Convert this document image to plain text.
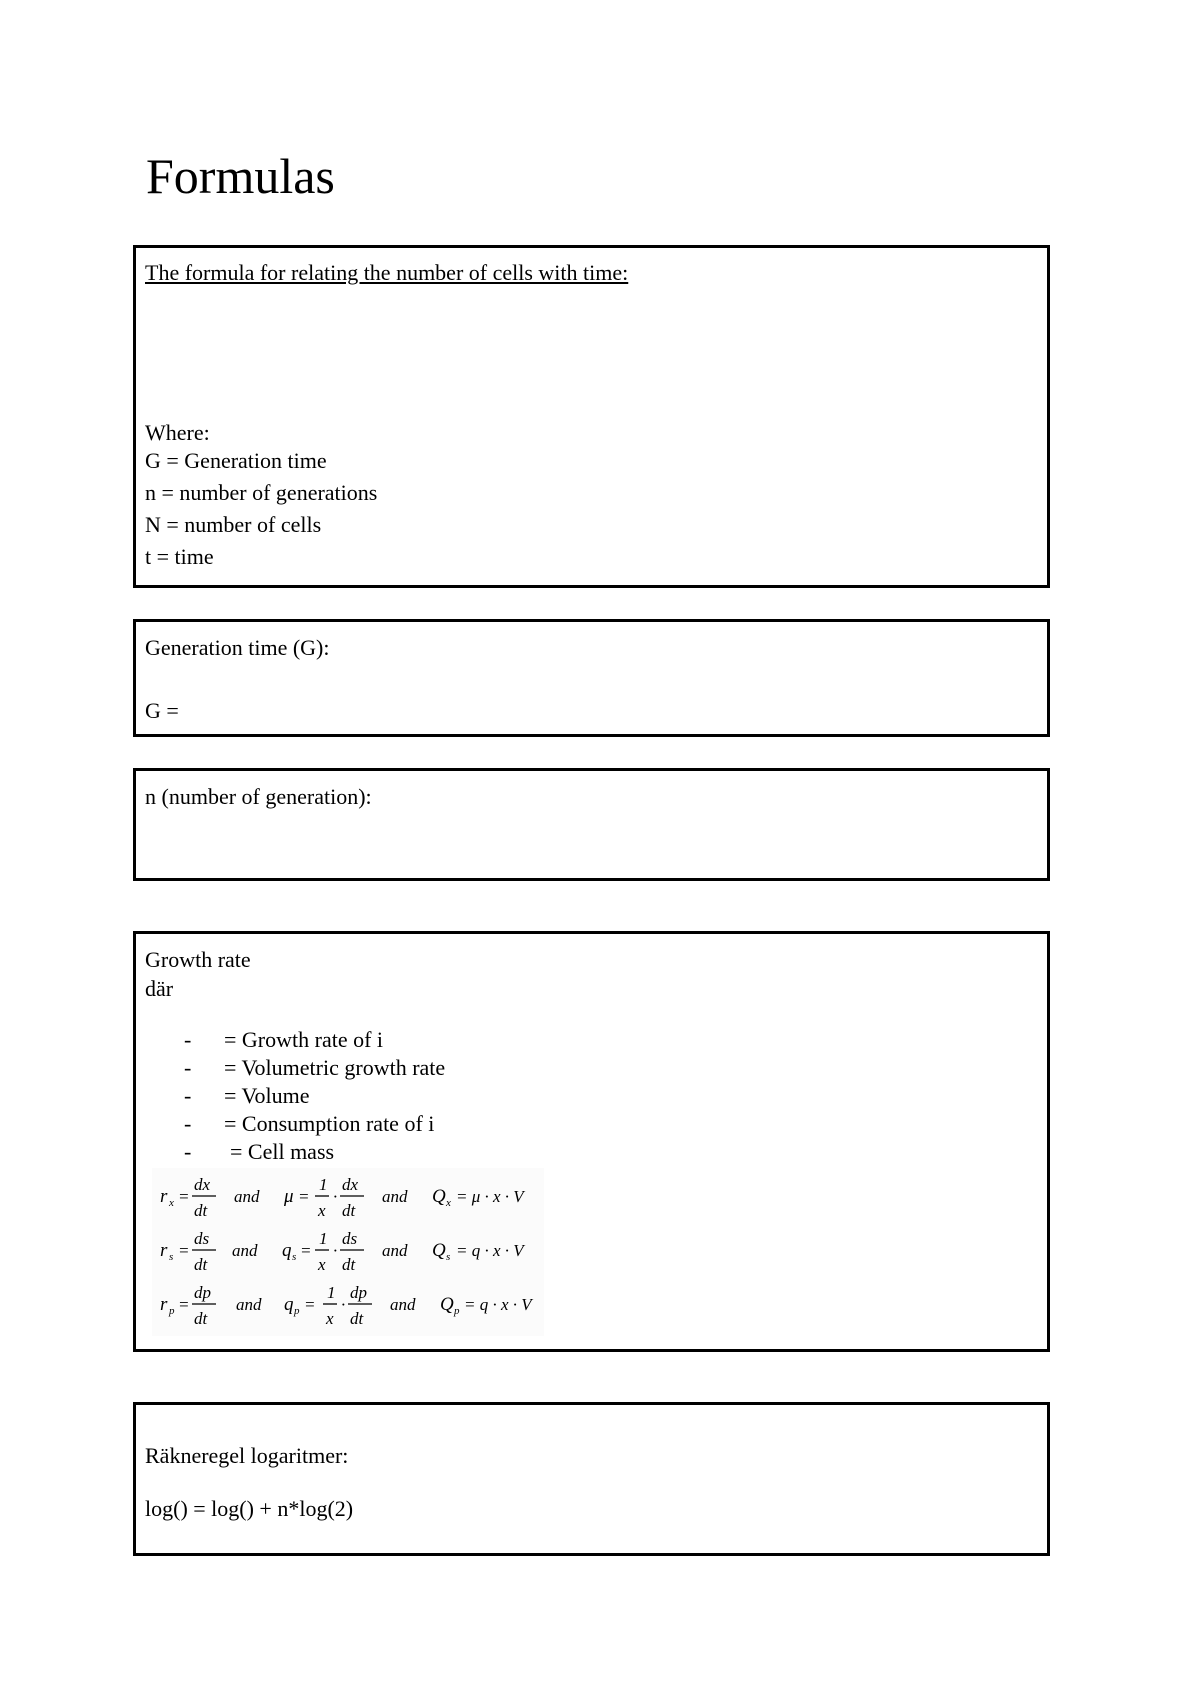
Formulas
The formula for relating the number of cells with time:
Where:
G = Generation time
n = number of generations
N = number of cells
t = time
Generation time (G):
G =
n (number of generation):
Growth rate
där
- = Growth rate of i
- = Volumetric growth rate
- = Volume
- = Consumption rate of i
- = Cell mass
r x =
dx
dt
and μ =
1
x
·
dx
dt
and Q x = μ · x · V
r s =
ds
dt
and q s =
1
x
·
ds
dt
and Q s = q · x · V
r p =
dp
dt
and q p =
1
x
·
dp
dt
and Q p = q · x · V
Räkneregel logaritmer:
log() = log() + n*log(2)
